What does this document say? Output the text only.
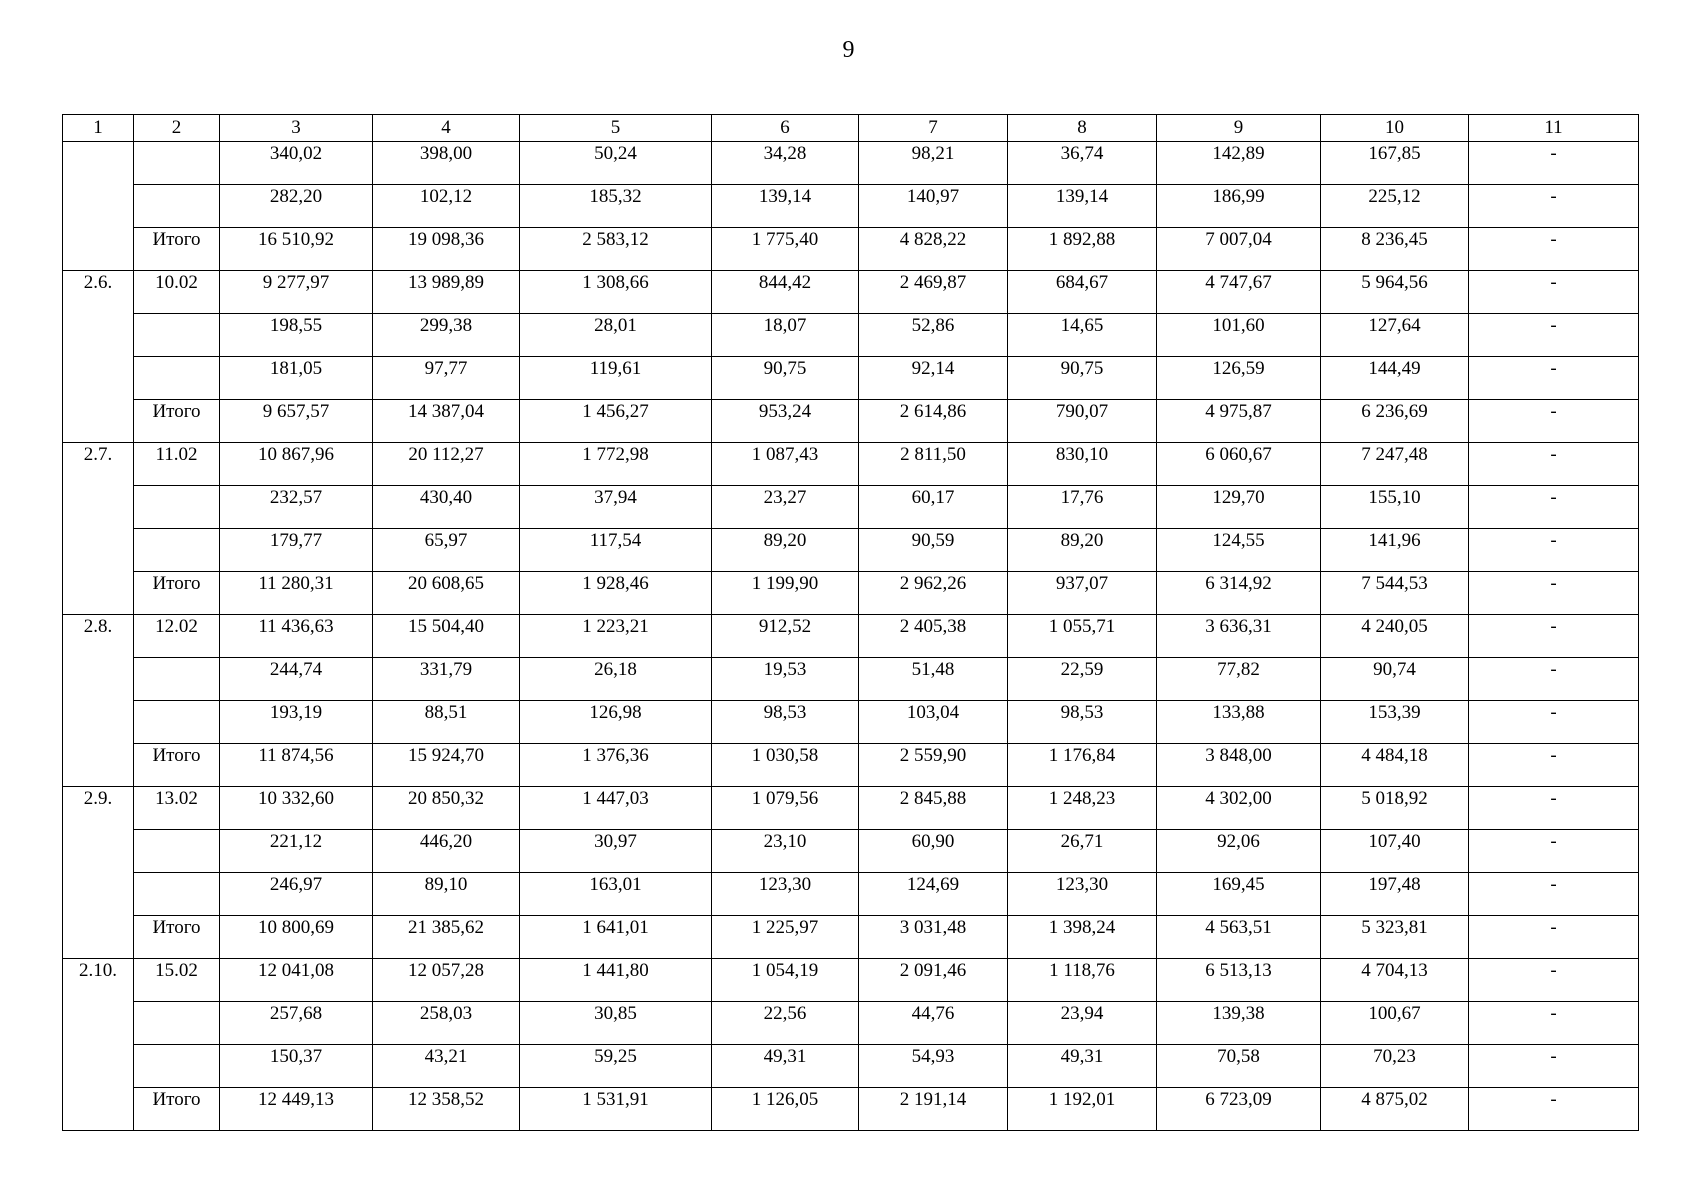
9
1	2	3	4	5	6	7	8	9	10	11
		340,02	398,00	50,24	34,28	98,21	36,74	142,89	167,85	-
		282,20	102,12	185,32	139,14	140,97	139,14	186,99	225,12	-
	Итого	16 510,92	19 098,36	2 583,12	1 775,40	4 828,22	1 892,88	7 007,04	8 236,45	-
2.6.	10.02	9 277,97	13 989,89	1 308,66	844,42	2 469,87	684,67	4 747,67	5 964,56	-
		198,55	299,38	28,01	18,07	52,86	14,65	101,60	127,64	-
		181,05	97,77	119,61	90,75	92,14	90,75	126,59	144,49	-
	Итого	9 657,57	14 387,04	1 456,27	953,24	2 614,86	790,07	4 975,87	6 236,69	-
2.7.	11.02	10 867,96	20 112,27	1 772,98	1 087,43	2 811,50	830,10	6 060,67	7 247,48	-
		232,57	430,40	37,94	23,27	60,17	17,76	129,70	155,10	-
		179,77	65,97	117,54	89,20	90,59	89,20	124,55	141,96	-
	Итого	11 280,31	20 608,65	1 928,46	1 199,90	2 962,26	937,07	6 314,92	7 544,53	-
2.8.	12.02	11 436,63	15 504,40	1 223,21	912,52	2 405,38	1 055,71	3 636,31	4 240,05	-
		244,74	331,79	26,18	19,53	51,48	22,59	77,82	90,74	-
		193,19	88,51	126,98	98,53	103,04	98,53	133,88	153,39	-
	Итого	11 874,56	15 924,70	1 376,36	1 030,58	2 559,90	1 176,84	3 848,00	4 484,18	-
2.9.	13.02	10 332,60	20 850,32	1 447,03	1 079,56	2 845,88	1 248,23	4 302,00	5 018,92	-
		221,12	446,20	30,97	23,10	60,90	26,71	92,06	107,40	-
		246,97	89,10	163,01	123,30	124,69	123,30	169,45	197,48	-
	Итого	10 800,69	21 385,62	1 641,01	1 225,97	3 031,48	1 398,24	4 563,51	5 323,81	-
2.10.	15.02	12 041,08	12 057,28	1 441,80	1 054,19	2 091,46	1 118,76	6 513,13	4 704,13	-
		257,68	258,03	30,85	22,56	44,76	23,94	139,38	100,67	-
		150,37	43,21	59,25	49,31	54,93	49,31	70,58	70,23	-
	Итого	12 449,13	12 358,52	1 531,91	1 126,05	2 191,14	1 192,01	6 723,09	4 875,02	-
